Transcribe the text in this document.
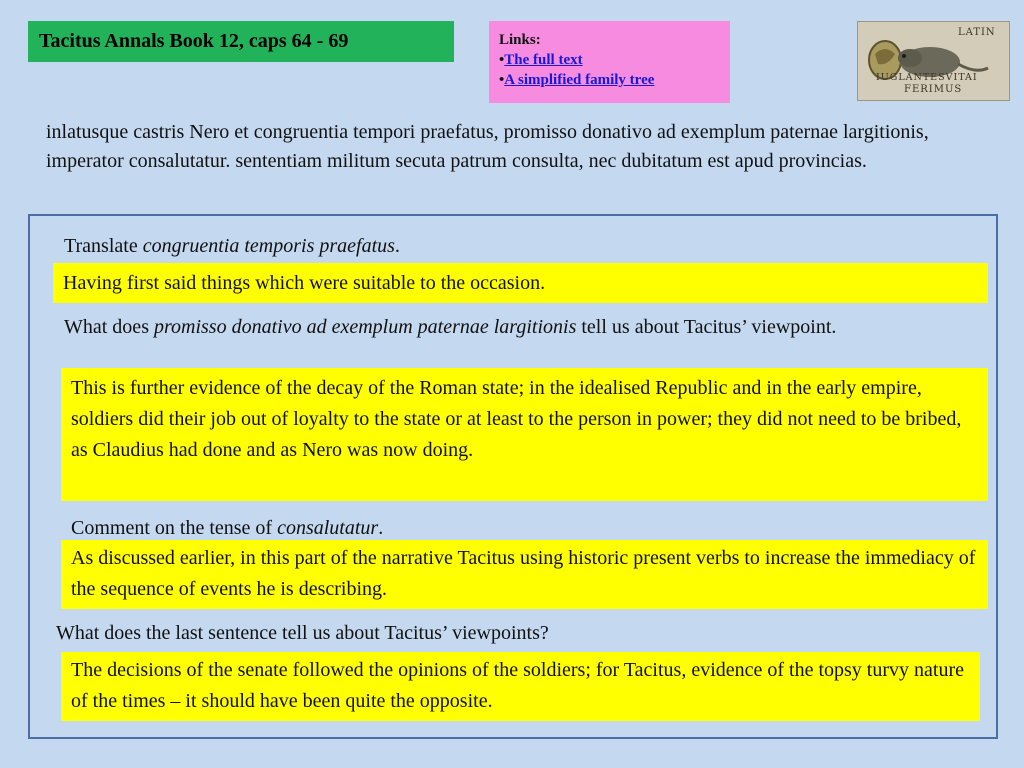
Tacitus Annals Book 12, caps 64 - 69	Links:
•The full text
•A simplified family tree
LATIN
IUGLANTESVITAI
FERIMUS
inlatusque castris Nero et congruentia tempori praefatus, promisso donativo ad exemplum paternae largitionis, imperator consalutatur. sententiam militum secuta patrum consulta, nec dubitatum est apud provincias.
Translate congruentia temporis praefatus.
Having first said things which were suitable to the occasion.
What does promisso donativo ad exemplum paternae largitionis tell us about Tacitus’ viewpoint.
This is further evidence of the decay of the Roman state; in the idealised Republic and in the early empire, soldiers did their job out of loyalty to the state or at least to the person in power; they did not need to be bribed, as Claudius had done and as Nero was now doing.
Comment on the tense of consalutatur.
As discussed earlier, in this part of the narrative Tacitus using historic present verbs to increase the immediacy of the sequence of events he is describing.
What does the last sentence tell us about Tacitus’ viewpoints?
The decisions of the senate followed the opinions of the soldiers; for Tacitus, evidence of the topsy turvy nature of the times – it should have been quite the opposite.
